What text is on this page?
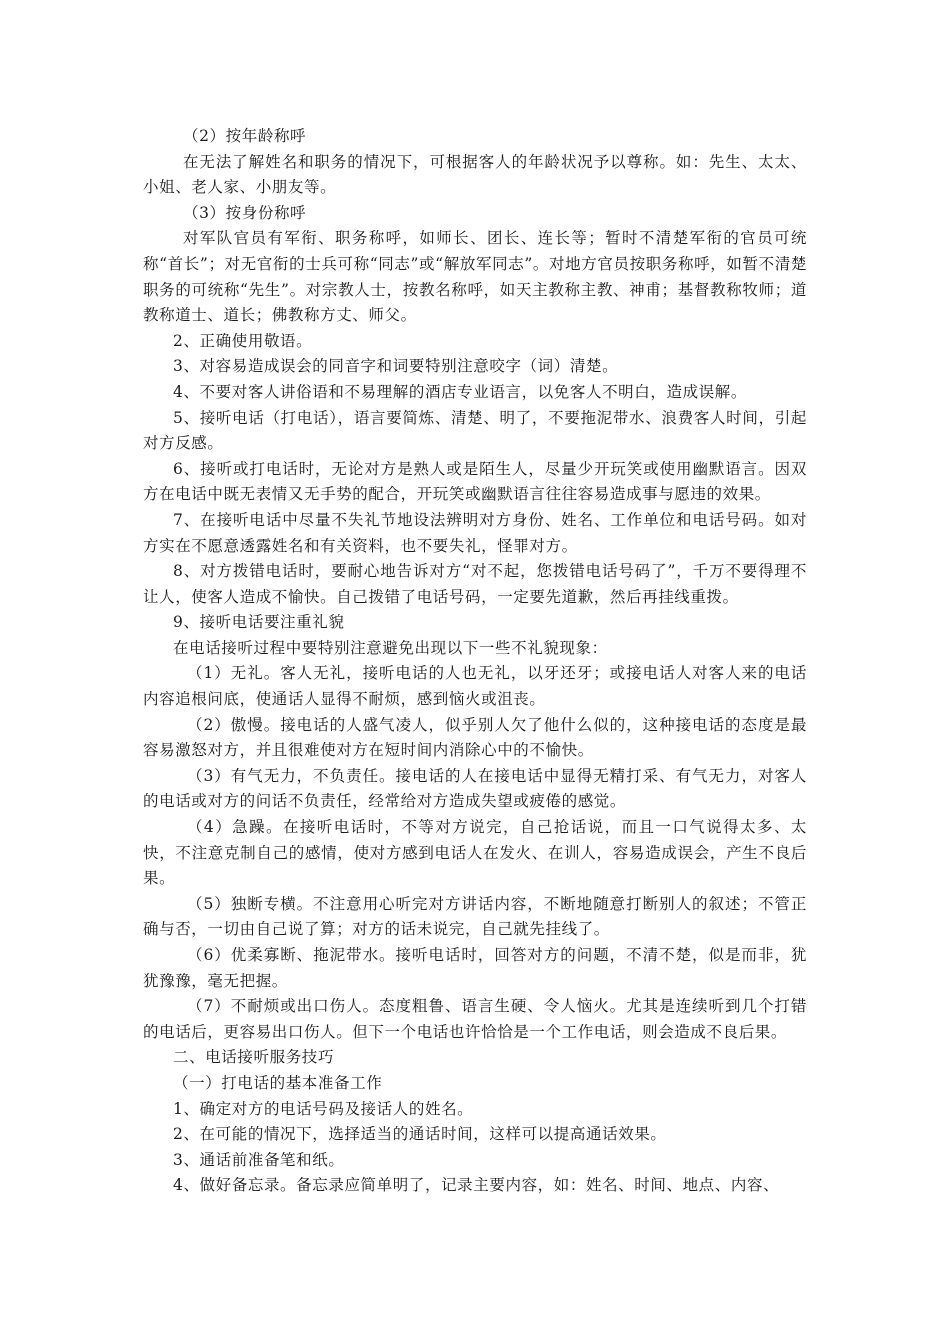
（2）按年龄称呼

在无法了解姓名和职务的情况下，可根据客人的年龄状况予以尊称。如：先生、太太、小姐、老人家、小朋友等。

（3）按身份称呼

对军队官员有军衔、职务称呼，如师长、团长、连长等；暂时不清楚军衔的官员可统称“首长”；对无官衔的士兵可称“同志”或“解放军同志”。对地方官员按职务称呼，如暂不清楚职务的可统称“先生”。对宗教人士，按教名称呼，如天主教称主教、神甫；基督教称牧师；道教称道士、道长；佛教称方丈、师父。

2、正确使用敬语。

3、对容易造成误会的同音字和词要特别注意咬字（词）清楚。

4、不要对客人讲俗语和不易理解的酒店专业语言，以免客人不明白，造成误解。

5、接听电话（打电话），语言要简炼、清楚、明了，不要拖泥带水、浪费客人时间，引起对方反感。

6、接听或打电话时，无论对方是熟人或是陌生人，尽量少开玩笑或使用幽默语言。因双方在电话中既无表情又无手势的配合，开玩笑或幽默语言往往容易造成事与愿违的效果。

7、在接听电话中尽量不失礼节地设法辨明对方身份、姓名、工作单位和电话号码。如对方实在不愿意透露姓名和有关资料，也不要失礼，怪罪对方。

8、对方拨错电话时，要耐心地告诉对方“对不起，您拨错电话号码了”，千万不要得理不让人，使客人造成不愉快。自己拨错了电话号码，一定要先道歉，然后再挂线重拨。

9、接听电话要注重礼貌

在电话接听过程中要特别注意避免出现以下一些不礼貌现象：

（1）无礼。客人无礼，接听电话的人也无礼，以牙还牙；或接电话人对客人来的电话内容追根问底，使通话人显得不耐烦，感到恼火或沮丧。

（2）傲慢。接电话的人盛气凌人，似乎别人欠了他什么似的，这种接电话的态度是最容易激怒对方，并且很难使对方在短时间内消除心中的不愉快。

（3）有气无力，不负责任。接电话的人在接电话中显得无精打采、有气无力，对客人的电话或对方的问话不负责任，经常给对方造成失望或疲倦的感觉。

（4）急躁。在接听电话时，不等对方说完，自己抢话说，而且一口气说得太多、太快，不注意克制自己的感情，使对方感到电话人在发火、在训人，容易造成误会，产生不良后果。

（5）独断专横。不注意用心听完对方讲话内容，不断地随意打断别人的叙述；不管正确与否，一切由自己说了算；对方的话未说完，自己就先挂线了。

（6）优柔寡断、拖泥带水。接听电话时，回答对方的问题，不清不楚，似是而非，犹犹豫豫，毫无把握。

（7）不耐烦或出口伤人。态度粗鲁、语言生硬、令人恼火。尤其是连续听到几个打错的电话后，更容易出口伤人。但下一个电话也许恰恰是一个工作电话，则会造成不良后果。

二、电话接听服务技巧

（一）打电话的基本准备工作

1、确定对方的电话号码及接话人的姓名。

2、在可能的情况下，选择适当的通话时间，这样可以提高通话效果。

3、通话前准备笔和纸。

4、做好备忘录。备忘录应简单明了，记录主要内容，如：姓名、时间、地点、内容、
